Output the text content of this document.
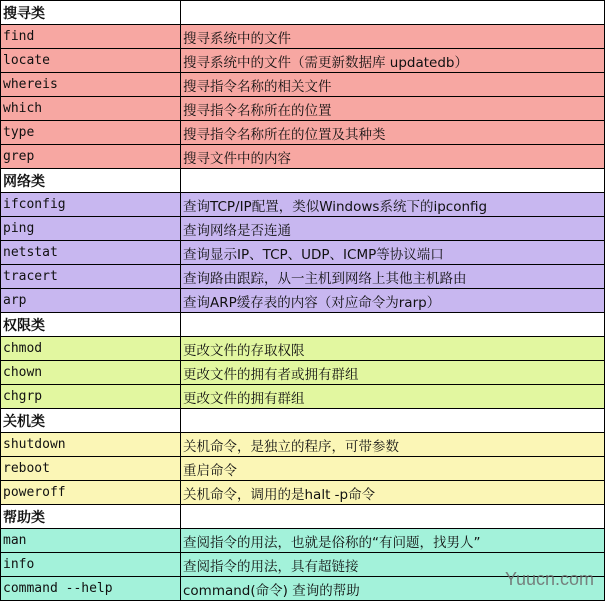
搜寻类	
find	搜寻系统中的文件
locate	搜寻系统中的文件（需更新数据库 updatedb）
whereis	搜寻指令名称的相关文件
which	搜寻指令名称所在的位置
type	搜寻指令名称所在的位置及其种类
grep	搜寻文件中的内容
网络类	
ifconfig	查询TCP/IP配置，类似Windows系统下的ipconfig
ping	查询网络是否连通
netstat	查询显示IP、TCP、UDP、ICMP等协议端口
tracert	查询路由跟踪，从一主机到网络上其他主机路由
arp	查询ARP缓存表的内容（对应命令为rarp）
权限类	
chmod	更改文件的存取权限
chown	更改文件的拥有者或拥有群组
chgrp	更改文件的拥有群组
关机类	
shutdown	关机命令，是独立的程序，可带参数
reboot	重启命令
poweroff	关机命令，调用的是halt -p命令
帮助类	
man	查阅指令的用法，也就是俗称的“有问题，找男人”
info	查阅指令的用法，具有超链接
command --help	command(命令) 查询的帮助
Yuucn.com
